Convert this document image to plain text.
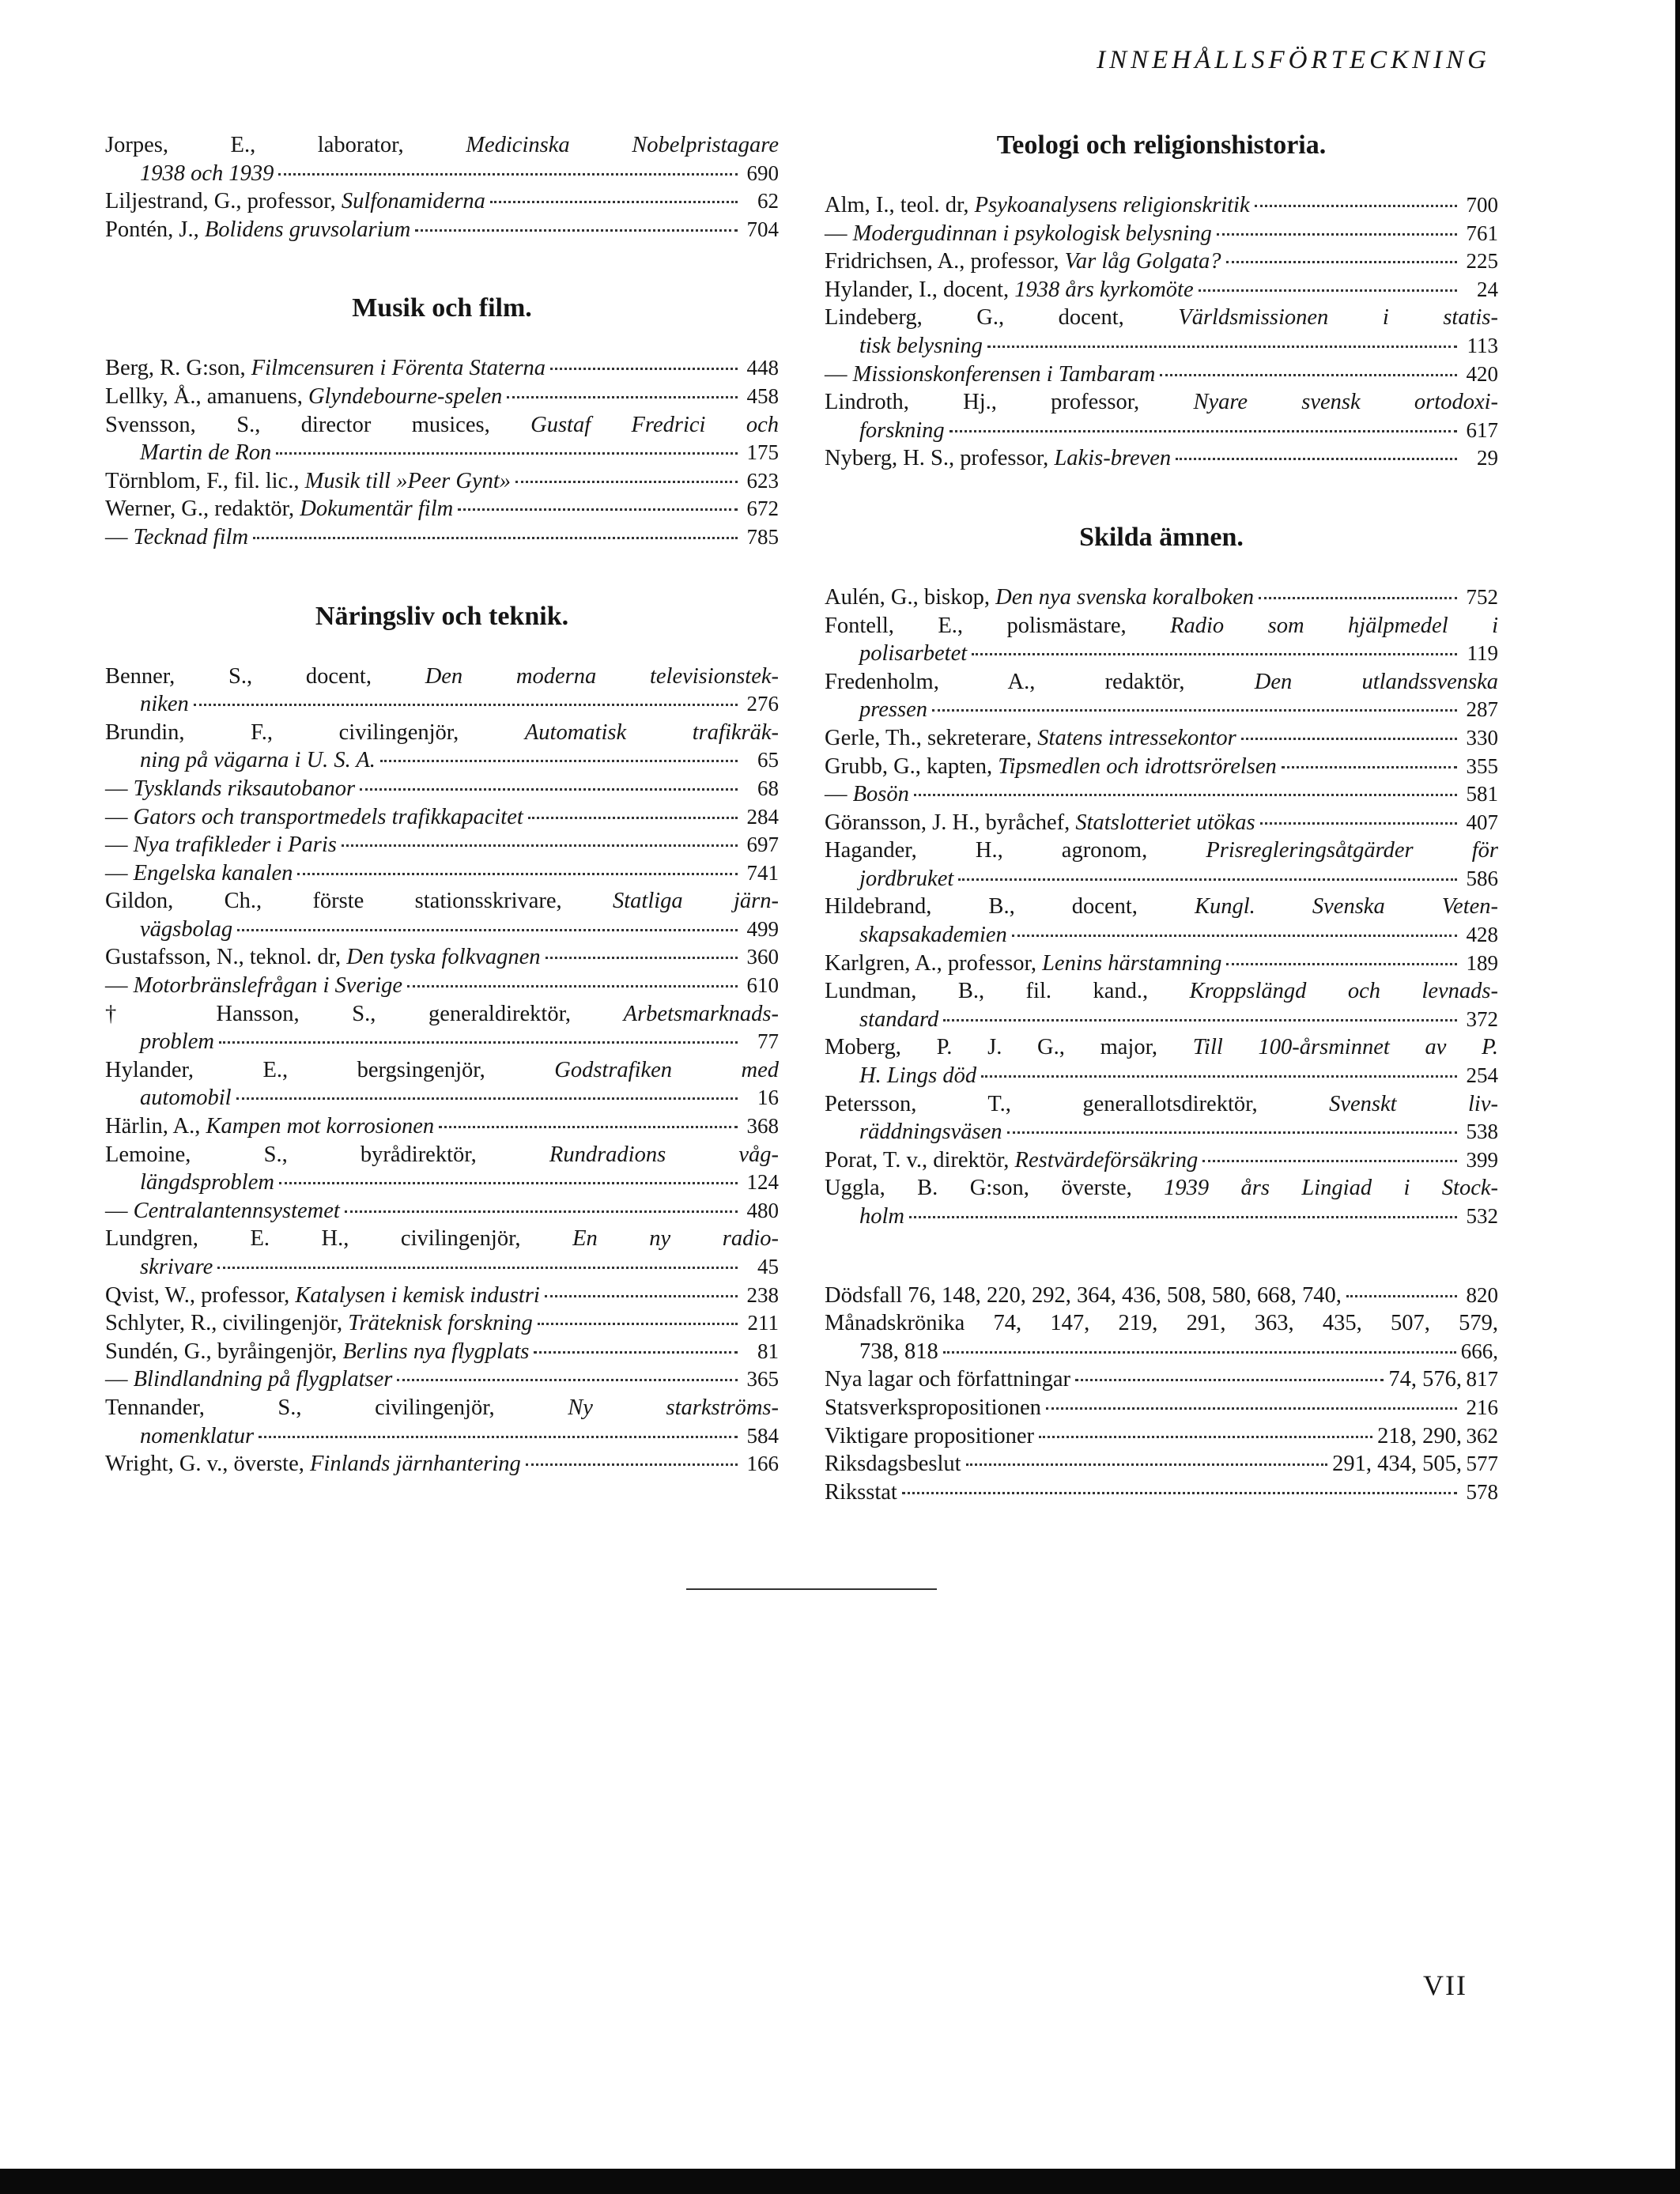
INNEHÅLLSFÖRTECKNING
Jorpes, E., laborator, Medicinska Nobelpristagare
1938 och 1939	690
Liljestrand, G., professor, Sulfonamiderna	62
Pontén, J., Bolidens gruvsolarium	704
Musik och film.
Berg, R. G:son, Filmcensuren i Förenta Staterna	448
Lellky, Å., amanuens, Glyndebourne-spelen	458
Svensson, S., director musices, Gustaf Fredrici och
Martin de Ron	175
Törnblom, F., fil. lic., Musik till »Peer Gynt»	623
Werner, G., redaktör, Dokumentär film	672
— Tecknad film	785
Näringsliv och teknik.
Benner, S., docent, Den moderna televisionstek-
niken	276
Brundin, F., civilingenjör, Automatisk trafikräk-
ning på vägarna i U. S. A.	65
— Tysklands riksautobanor	68
— Gators och transportmedels trafikkapacitet	284
— Nya trafikleder i Paris	697
— Engelska kanalen	741
Gildon, Ch., förste stationsskrivare, Statliga järn-
vägsbolag	499
Gustafsson, N., teknol. dr, Den tyska folkvagnen	360
— Motorbränslefrågan i Sverige	610
† Hansson, S., generaldirektör, Arbetsmarknads-
problem	77
Hylander, E., bergsingenjör, Godstrafiken med
automobil	16
Härlin, A., Kampen mot korrosionen	368
Lemoine, S., byrådirektör, Rundradions våg-
längdsproblem	124
— Centralantennsystemet	480
Lundgren, E. H., civilingenjör, En ny radio-
skrivare	45
Qvist, W., professor, Katalysen i kemisk industri	238
Schlyter, R., civilingenjör, Träteknisk forskning	211
Sundén, G., byråingenjör, Berlins nya flygplats	81
— Blindlandning på flygplatser	365
Tennander, S., civilingenjör, Ny starkströms-
nomenklatur	584
Wright, G. v., överste, Finlands järnhantering	166
Teologi och religionshistoria.
Alm, I., teol. dr, Psykoanalysens religionskritik	700
— Modergudinnan i psykologisk belysning	761
Fridrichsen, A., professor, Var låg Golgata?	225
Hylander, I., docent, 1938 års kyrkomöte	24
Lindeberg, G., docent, Världsmissionen i statis-
tisk belysning	113
— Missionskonferensen i Tambaram	420
Lindroth, Hj., professor, Nyare svensk ortodoxi-
forskning	617
Nyberg, H. S., professor, Lakis-breven	29
Skilda ämnen.
Aulén, G., biskop, Den nya svenska koralboken	752
Fontell, E., polismästare, Radio som hjälpmedel i
polisarbetet	119
Fredenholm, A., redaktör, Den utlandssvenska
pressen	287
Gerle, Th., sekreterare, Statens intressekontor	330
Grubb, G., kapten, Tipsmedlen och idrottsrörelsen	355
— Bosön	581
Göransson, J. H., byråchef, Statslotteriet utökas	407
Hagander, H., agronom, Prisregleringsåtgärder för
jordbruket	586
Hildebrand, B., docent, Kungl. Svenska Veten-
skapsakademien	428
Karlgren, A., professor, Lenins härstamning	189
Lundman, B., fil. kand., Kroppslängd och levnads-
standard	372
Moberg, P. J. G., major, Till 100-årsminnet av P.
H. Lings död	254
Petersson, T., generallotsdirektör, Svenskt liv-
räddningsväsen	538
Porat, T. v., direktör, Restvärdeförsäkring	399
Uggla, B. G:son, överste, 1939 års Lingiad i Stock-
holm	532
Dödsfall 76, 148, 220, 292, 364, 436, 508, 580, 668, 740,	820
Månadskrönika 74, 147, 219, 291, 363, 435, 507, 579,
738, 818	666,
Nya lagar och författningar	74, 576, 817
Statsverkspropositionen	216
Viktigare propositioner	218, 290, 362
Riksdagsbeslut	291, 434, 505, 577
Riksstat	578
VII
